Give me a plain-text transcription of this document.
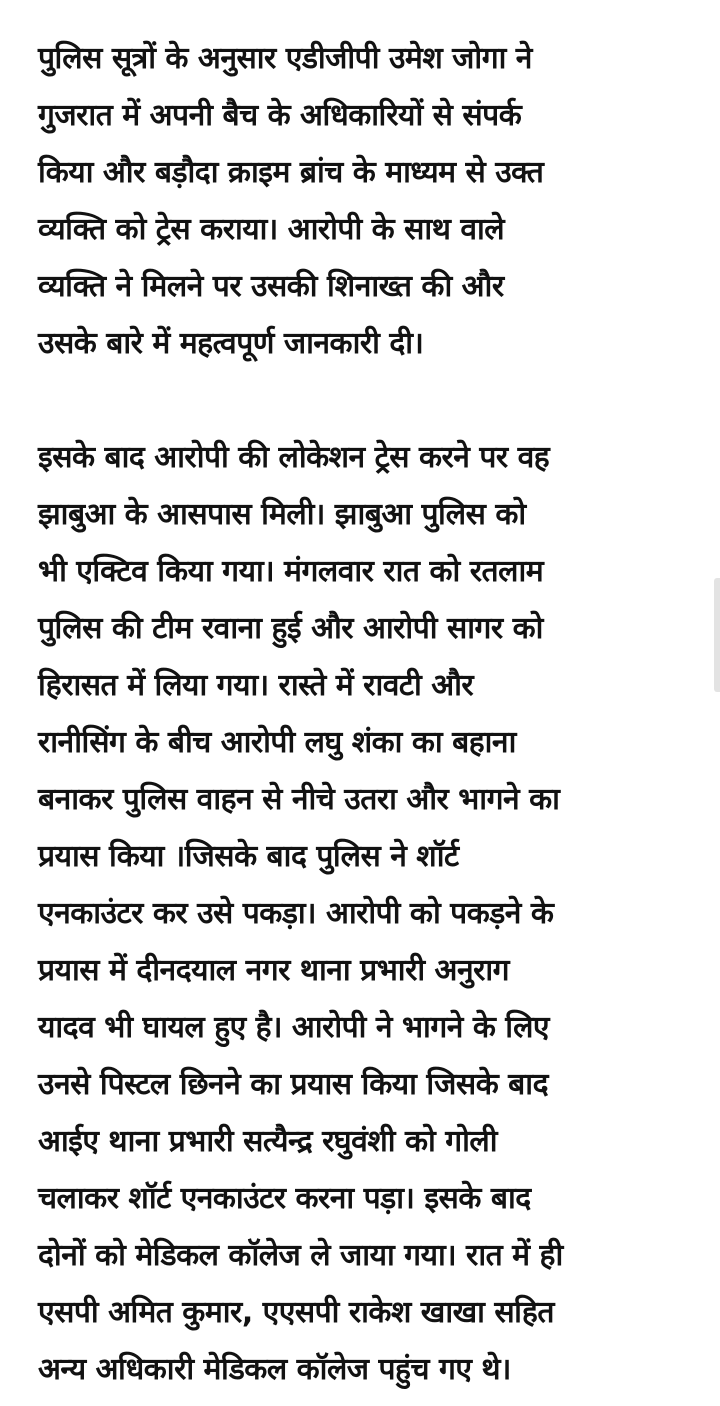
पुलिस सूत्रों के अनुसार एडीजीपी उमेश जोगा ने
गुजरात में अपनी बैच के अधिकारियों से संपर्क
किया और बड़ौदा क्राइम ब्रांच के माध्यम से उक्त
व्यक्ति को ट्रेस कराया। आरोपी के साथ वाले
व्यक्ति ने मिलने पर उसकी शिनाख्त की और
उसके बारे में महत्वपूर्ण जानकारी दी।
इसके बाद आरोपी की लोकेशन ट्रेस करने पर वह
झाबुआ के आसपास मिली। झाबुआ पुलिस को
भी एक्टिव किया गया। मंगलवार रात को रतलाम
पुलिस की टीम रवाना हुई और आरोपी सागर को
हिरासत में लिया गया। रास्ते में रावटी और
रानीसिंग के बीच आरोपी लघु शंका का बहाना
बनाकर पुलिस वाहन से नीचे उतरा और भागने का
प्रयास किया ।जिसके बाद पुलिस ने शॉर्ट
एनकाउंटर कर उसे पकड़ा। आरोपी को पकड़ने के
प्रयास में दीनदयाल नगर थाना प्रभारी अनुराग
यादव भी घायल हुए है। आरोपी ने भागने के लिए
उनसे पिस्टल छिनने का प्रयास किया जिसके बाद
आईए थाना प्रभारी सत्यैन्द्र रघुवंशी को गोली
चलाकर शॉर्ट एनकाउंटर करना पड़ा। इसके बाद
दोनों को मेडिकल कॉलेज ले जाया गया। रात में ही
एसपी अमित कुमार, एएसपी राकेश खाखा सहित
अन्य अधिकारी मेडिकल कॉलेज पहुंच गए थे।
